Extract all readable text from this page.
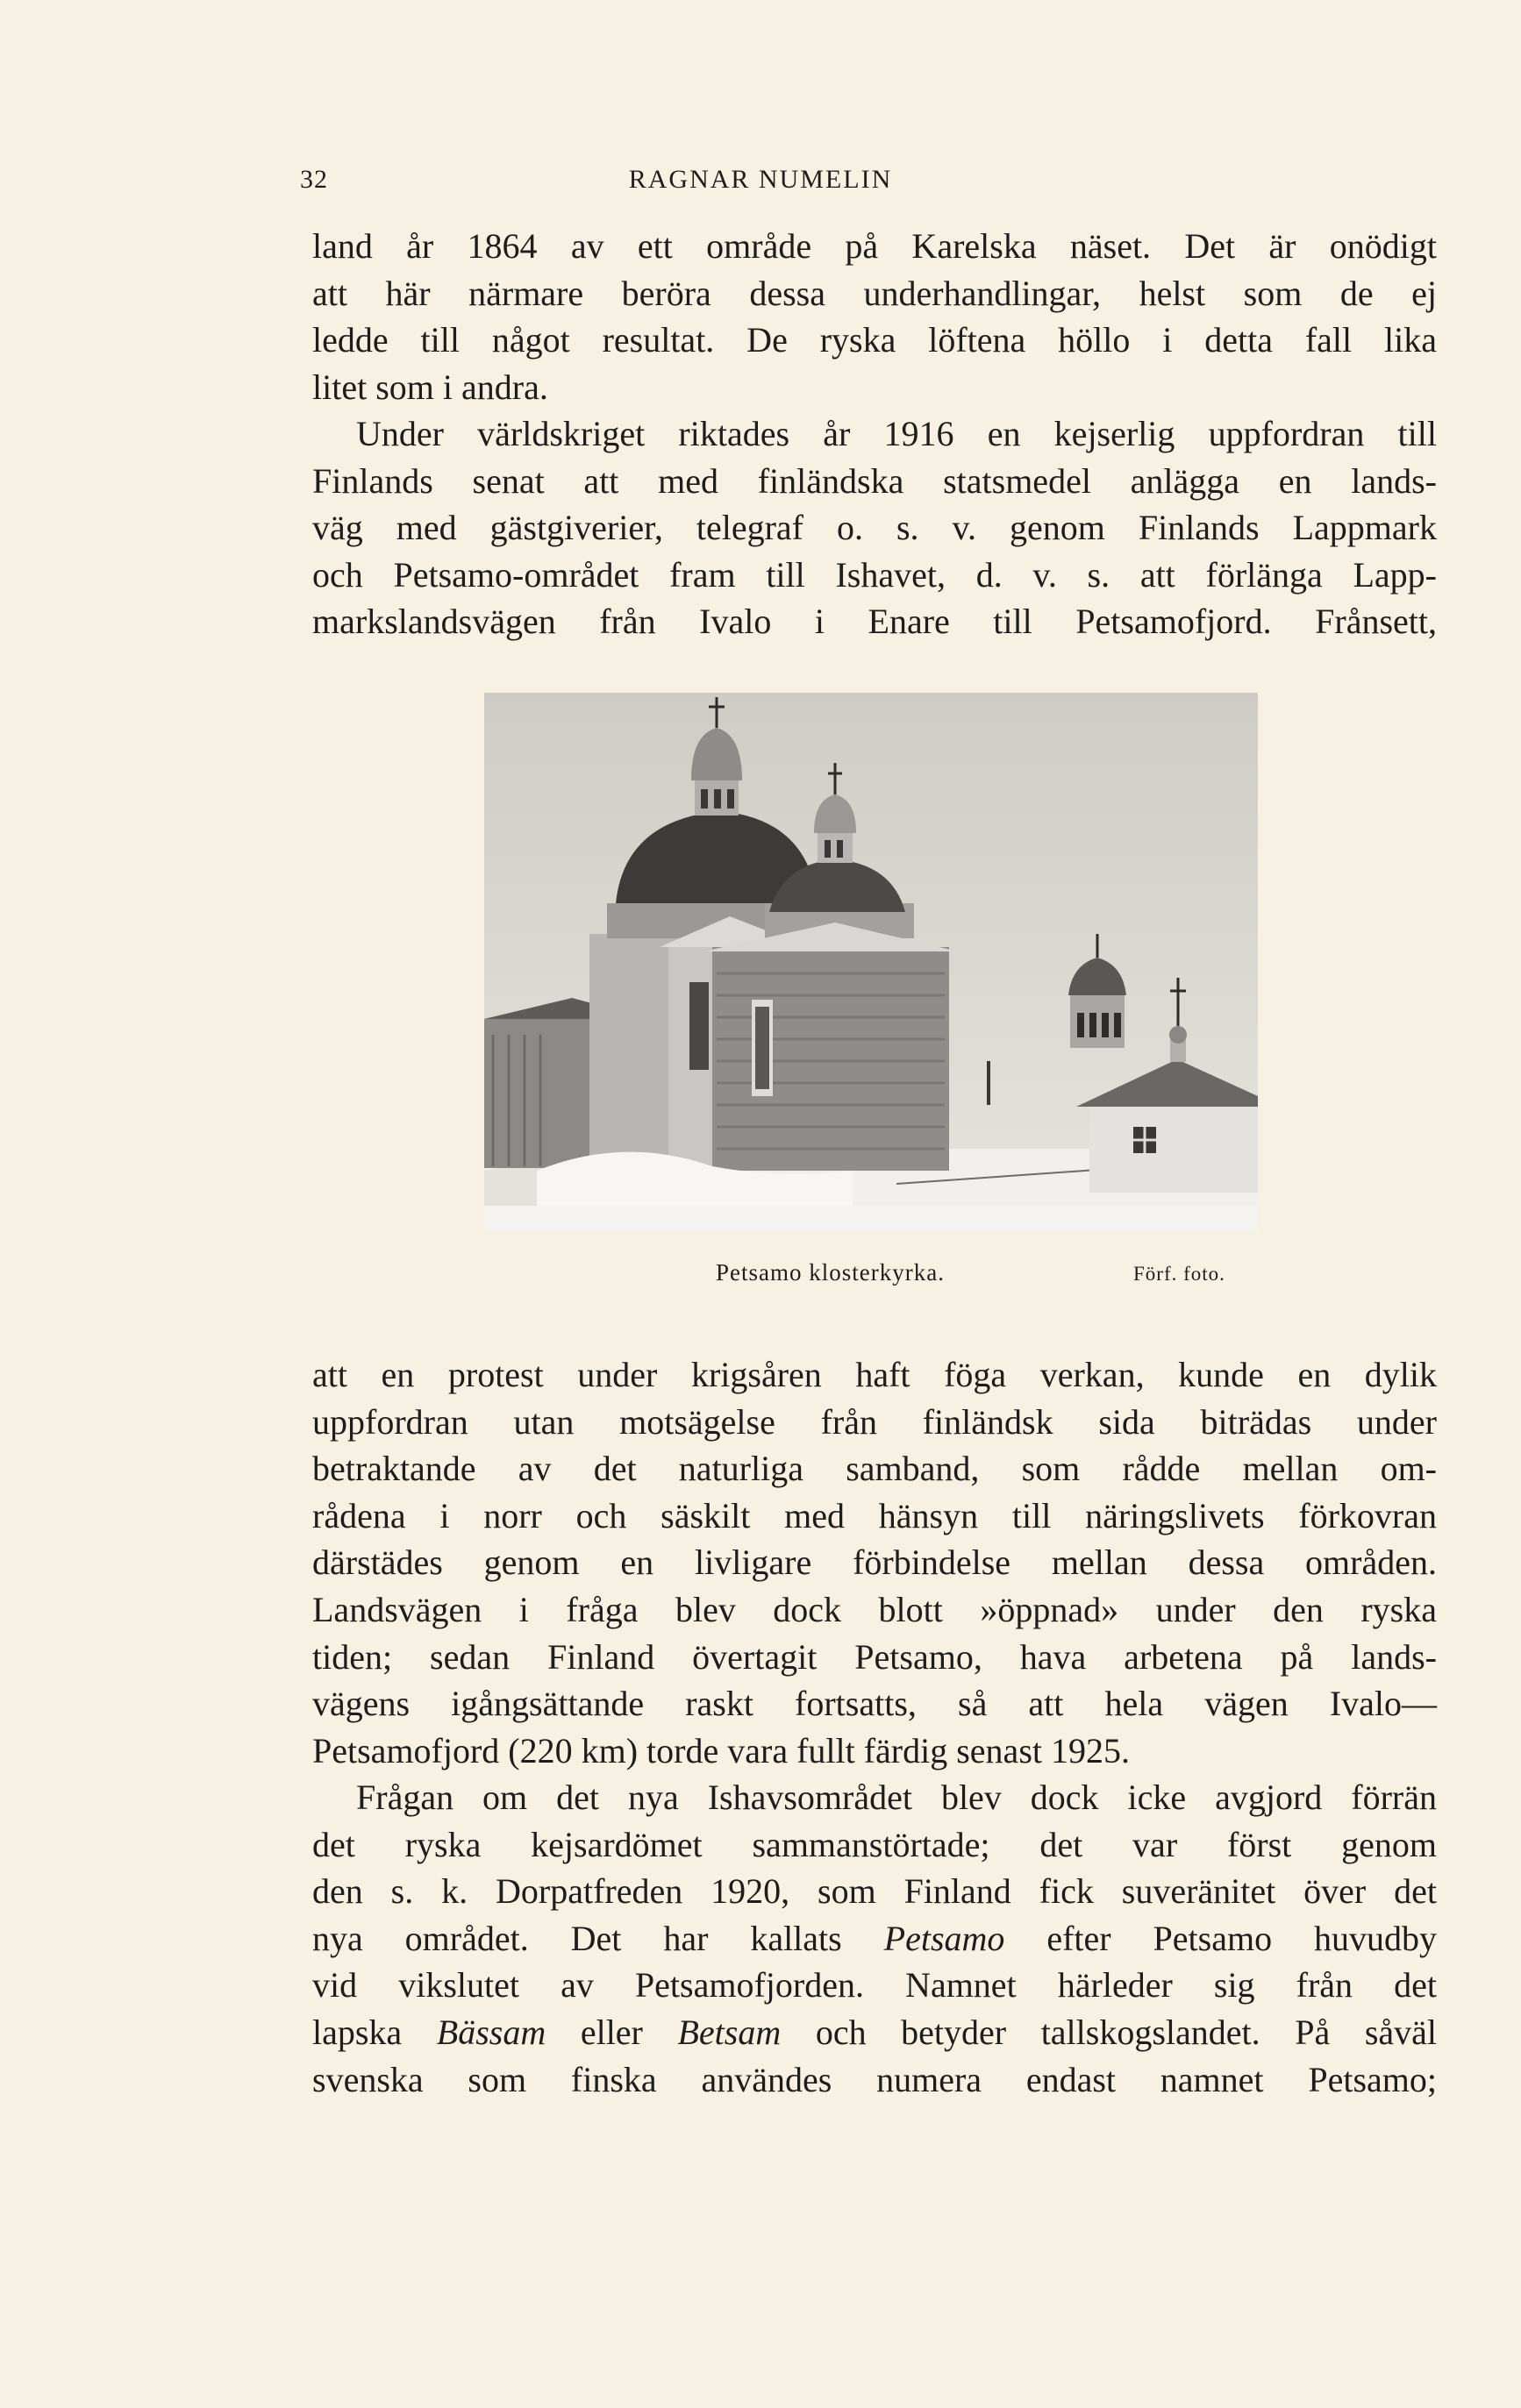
32	RAGNAR NUMELIN
land år 1864 av ett område på Karelska näset. Det är onödigt
att här närmare beröra dessa underhandlingar, helst som de ej
ledde till något resultat. De ryska löftena höllo i detta fall lika
litet som i andra.
Under världskriget riktades år 1916 en kejserlig uppfordran till
Finlands senat att med finländska statsmedel anlägga en lands-
väg med gästgiverier, telegraf o. s. v. genom Finlands Lappmark
och Petsamo-området fram till Ishavet, d. v. s. att förlänga Lapp-
markslandsvägen från Ivalo i Enare till Petsamofjord. Frånsett,
Petsamo klosterkyrka.	Förf. foto.
att en protest under krigsåren haft föga verkan, kunde en dylik
uppfordran utan motsägelse från finländsk sida biträdas under
betraktande av det naturliga samband, som rådde mellan om-
rådena i norr och säskilt med hänsyn till näringslivets förkovran
därstädes genom en livligare förbindelse mellan dessa områden.
Landsvägen i fråga blev dock blott »öppnad» under den ryska
tiden; sedan Finland övertagit Petsamo, hava arbetena på lands-
vägens igångsättande raskt fortsatts, så att hela vägen Ivalo—
Petsamofjord (220 km) torde vara fullt färdig senast 1925.
Frågan om det nya Ishavsområdet blev dock icke avgjord förrän
det ryska kejsardömet sammanstörtade; det var först genom
den s. k. Dorpatfreden 1920, som Finland fick suveränitet över det
nya området. Det har kallats Petsamo efter Petsamo huvudby
vid vikslutet av Petsamofjorden. Namnet härleder sig från det
lapska Bässam eller Betsam och betyder tallskogslandet. På såväl
svenska som finska användes numera endast namnet Petsamo;
